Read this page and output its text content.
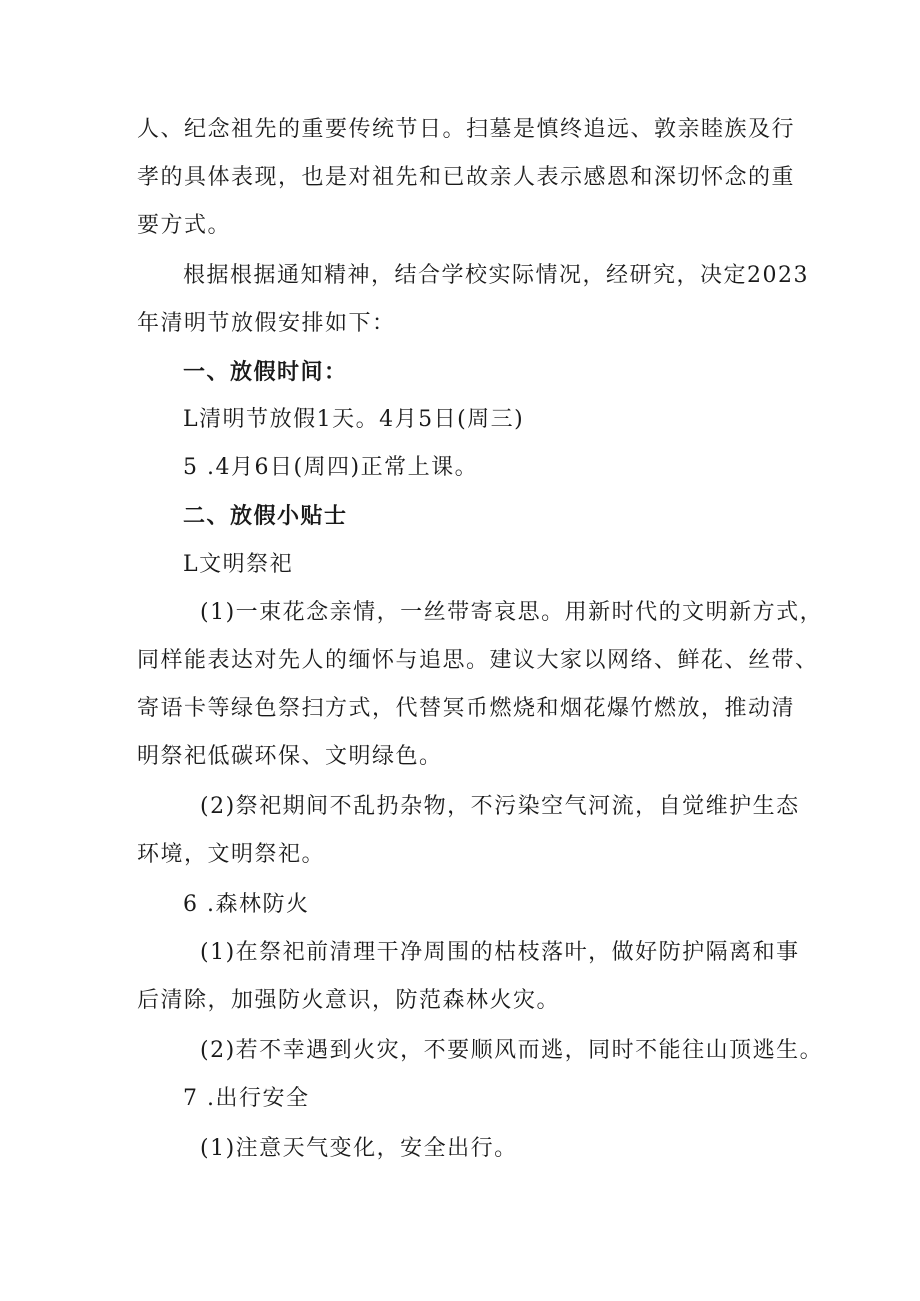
人、纪念祖先的重要传统节日。扫墓是慎终追远、敦亲睦族及行
孝的具体表现，也是对祖先和已故亲人表示感恩和深切怀念的重
要方式。
根据根据通知精神，结合学校实际情况，经研究，决定2023
年清明节放假安排如下：
一、放假时间：
L清明节放假1天。4月5日(周三)
5 .4月6日(周四)正常上课。
二、放假小贴士
L文明祭祀
(1)一束花念亲情，一丝带寄哀思。用新时代的文明新方式，
同样能表达对先人的缅怀与追思。建议大家以网络、鲜花、丝带、
寄语卡等绿色祭扫方式，代替冥币燃烧和烟花爆竹燃放，推动清
明祭祀低碳环保、文明绿色。
(2)祭祀期间不乱扔杂物，不污染空气河流，自觉维护生态
环境，文明祭祀。
6 .森林防火
(1)在祭祀前清理干净周围的枯枝落叶，做好防护隔离和事
后清除，加强防火意识，防范森林火灾。
(2)若不幸遇到火灾，不要顺风而逃，同时不能往山顶逃生。
7 .出行安全
(1)注意天气变化，安全出行。
